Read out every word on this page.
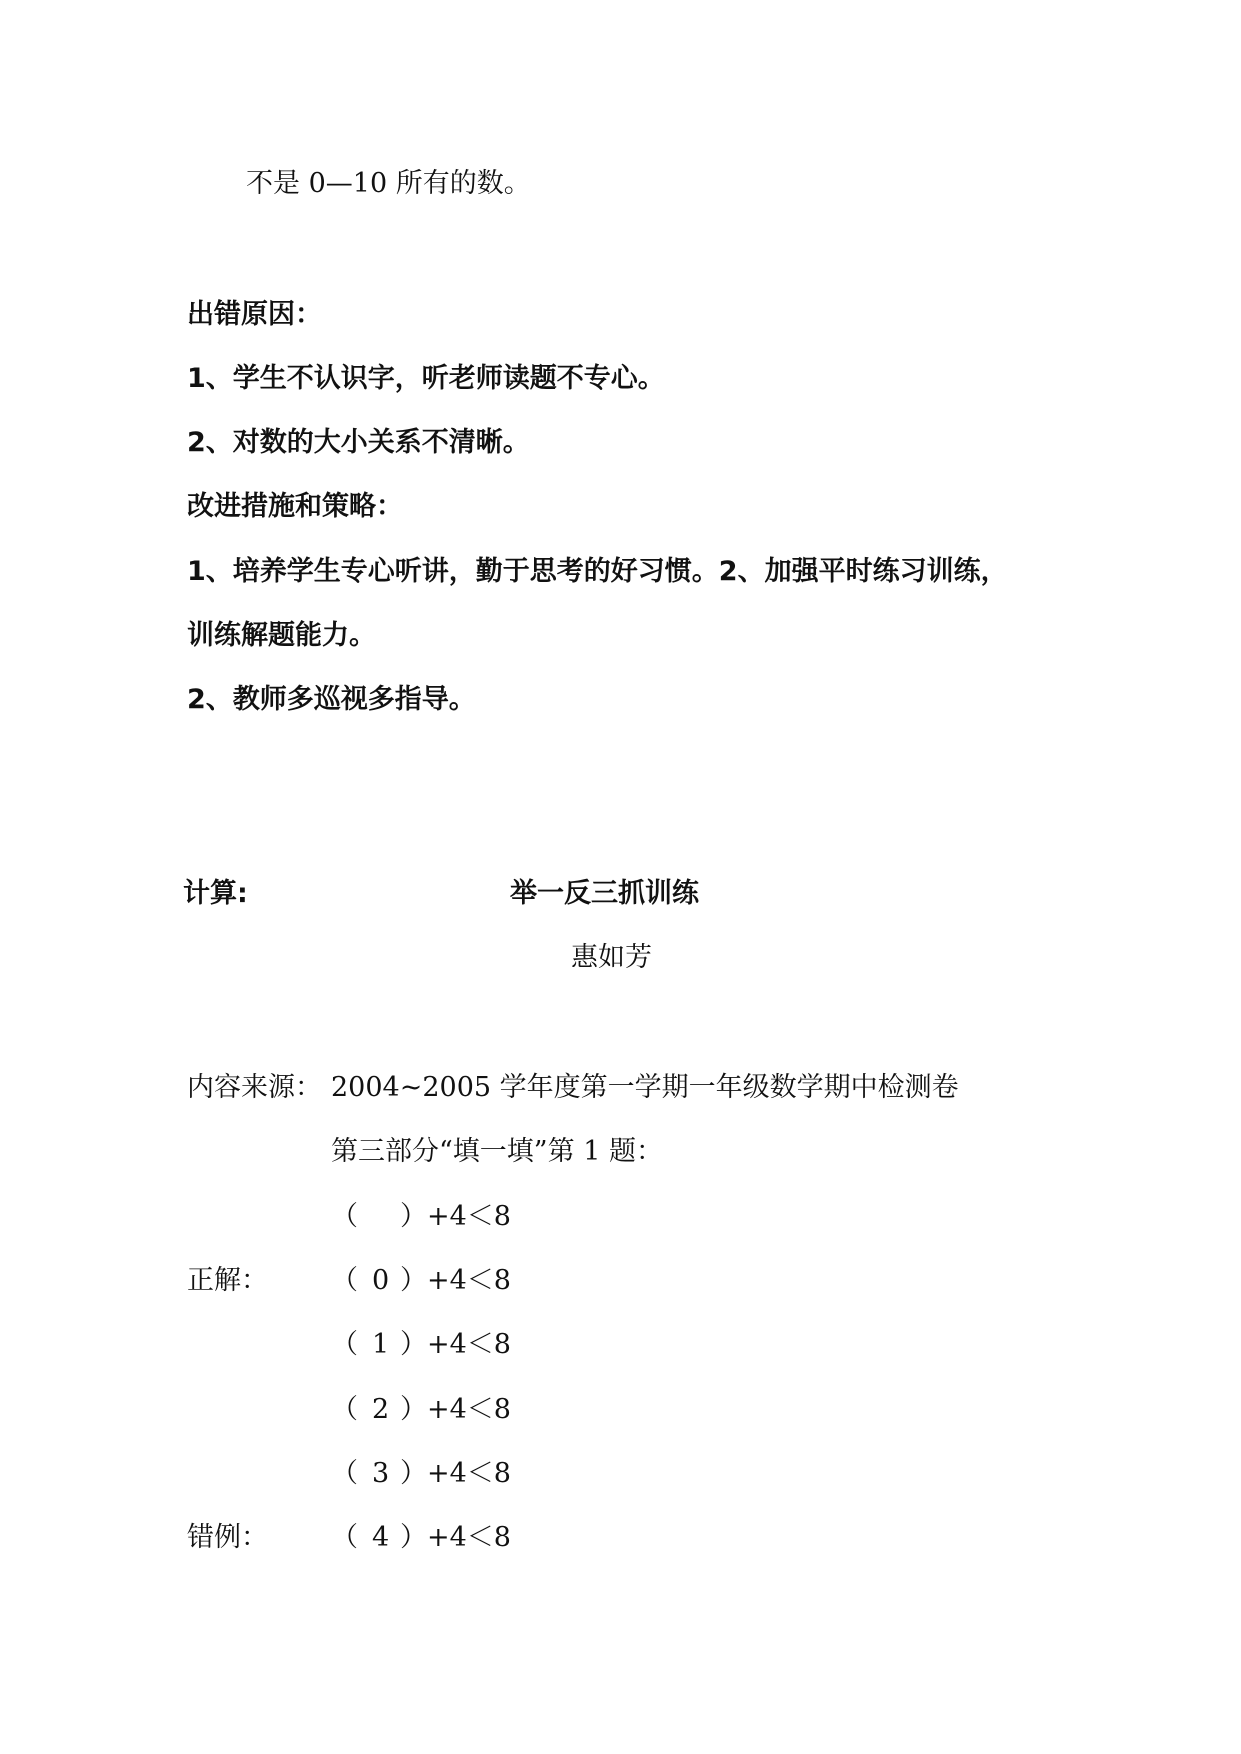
不是 0—10 所有的数。
出错原因：
1、学生不认识字，听老师读题不专心。
2、对数的大小关系不清晰。
改进措施和策略：
1、培养学生专心听讲，勤于思考的好习惯。2、加强平时练习训练，
训练解题能力。
2、教师多巡视多指导。
计算:	举一反三抓训练
惠如芳
内容来源： 2004~2005 学年度第一学期一年级数学期中检测卷
第三部分“填一填”第 1 题：
（ ）+4＜8
正解： （ 0 ）+4＜8
（ 1 ）+4＜8
（ 2 ）+4＜8
（ 3 ）+4＜8
错例： （ 4 ）+4＜8
